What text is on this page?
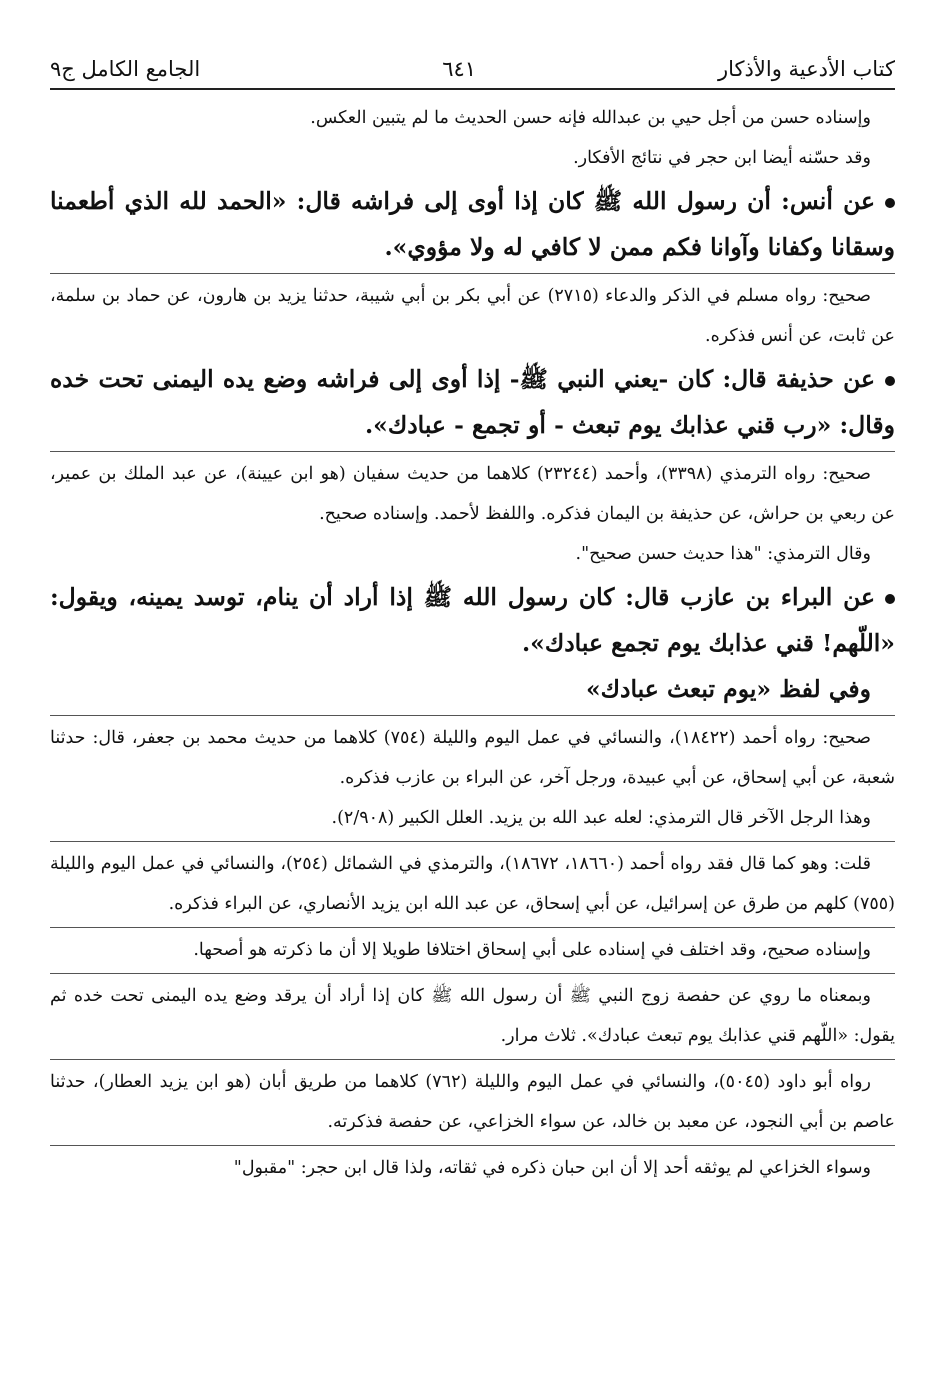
كتاب الأدعية والأذكار
٦٤١
الجامع الكامل ج٩

وإسناده حسن من أجل حيي بن عبدالله فإنه حسن الحديث ما لم يتبين العكس.

وقد حسّنه أيضا ابن حجر في نتائج الأفكار.

عن أنس: أن رسول الله ﷺ كان إذا أوى إلى فراشه قال: «الحمد لله الذي أطعمنا وسقانا وكفانا وآوانا فكم ممن لا كافي له ولا مؤوي».

صحيح: رواه مسلم في الذكر والدعاء (٢٧١٥) عن أبي بكر بن أبي شيبة، حدثنا يزيد بن هارون، عن حماد بن سلمة، عن ثابت، عن أنس فذكره.

عن حذيفة قال: كان -يعني النبي ﷺ- إذا أوى إلى فراشه وضع يده اليمنى تحت خده وقال: «رب قني عذابك يوم تبعث - أو تجمع - عبادك».

صحيح: رواه الترمذي (٣٣٩٨)، وأحمد (٢٣٢٤٤) كلاهما من حديث سفيان (هو ابن عيينة)، عن عبد الملك بن عمير، عن ربعي بن حراش، عن حذيفة بن اليمان فذكره. واللفظ لأحمد. وإسناده صحيح.

وقال الترمذي: "هذا حديث حسن صحيح".

عن البراء بن عازب قال: كان رسول الله ﷺ إذا أراد أن ينام، توسد يمينه، ويقول: «اللّهم! قني عذابك يوم تجمع عبادك».

وفي لفظ «يوم تبعث عبادك»

صحيح: رواه أحمد (١٨٤٢٢)، والنسائي في عمل اليوم والليلة (٧٥٤) كلاهما من حديث محمد بن جعفر، قال: حدثنا شعبة، عن أبي إسحاق، عن أبي عبيدة، ورجل آخر، عن البراء بن عازب فذكره.

وهذا الرجل الآخر قال الترمذي: لعله عبد الله بن يزيد. العلل الكبير (٢/٩٠٨).

قلت: وهو كما قال فقد رواه أحمد (١٨٦٦٠، ١٨٦٧٢)، والترمذي في الشمائل (٢٥٤)، والنسائي في عمل اليوم والليلة (٧٥٥) كلهم من طرق عن إسرائيل، عن أبي إسحاق، عن عبد الله ابن يزيد الأنصاري، عن البراء فذكره.

وإسناده صحيح، وقد اختلف في إسناده على أبي إسحاق اختلافا طويلا إلا أن ما ذكرته هو أصحها.

وبمعناه ما روي عن حفصة زوج النبي ﷺ أن رسول الله ﷺ كان إذا أراد أن يرقد وضع يده اليمنى تحت خده ثم يقول: «اللّهم قني عذابك يوم تبعث عبادك». ثلاث مرار.

رواه أبو داود (٥٠٤٥)، والنسائي في عمل اليوم والليلة (٧٦٢) كلاهما من طريق أبان (هو ابن يزيد العطار)، حدثنا عاصم بن أبي النجود، عن معبد بن خالد، عن سواء الخزاعي، عن حفصة فذكرته.

وسواء الخزاعي لم يوثقه أحد إلا أن ابن حبان ذكره في ثقاته، ولذا قال ابن حجر: "مقبول"
